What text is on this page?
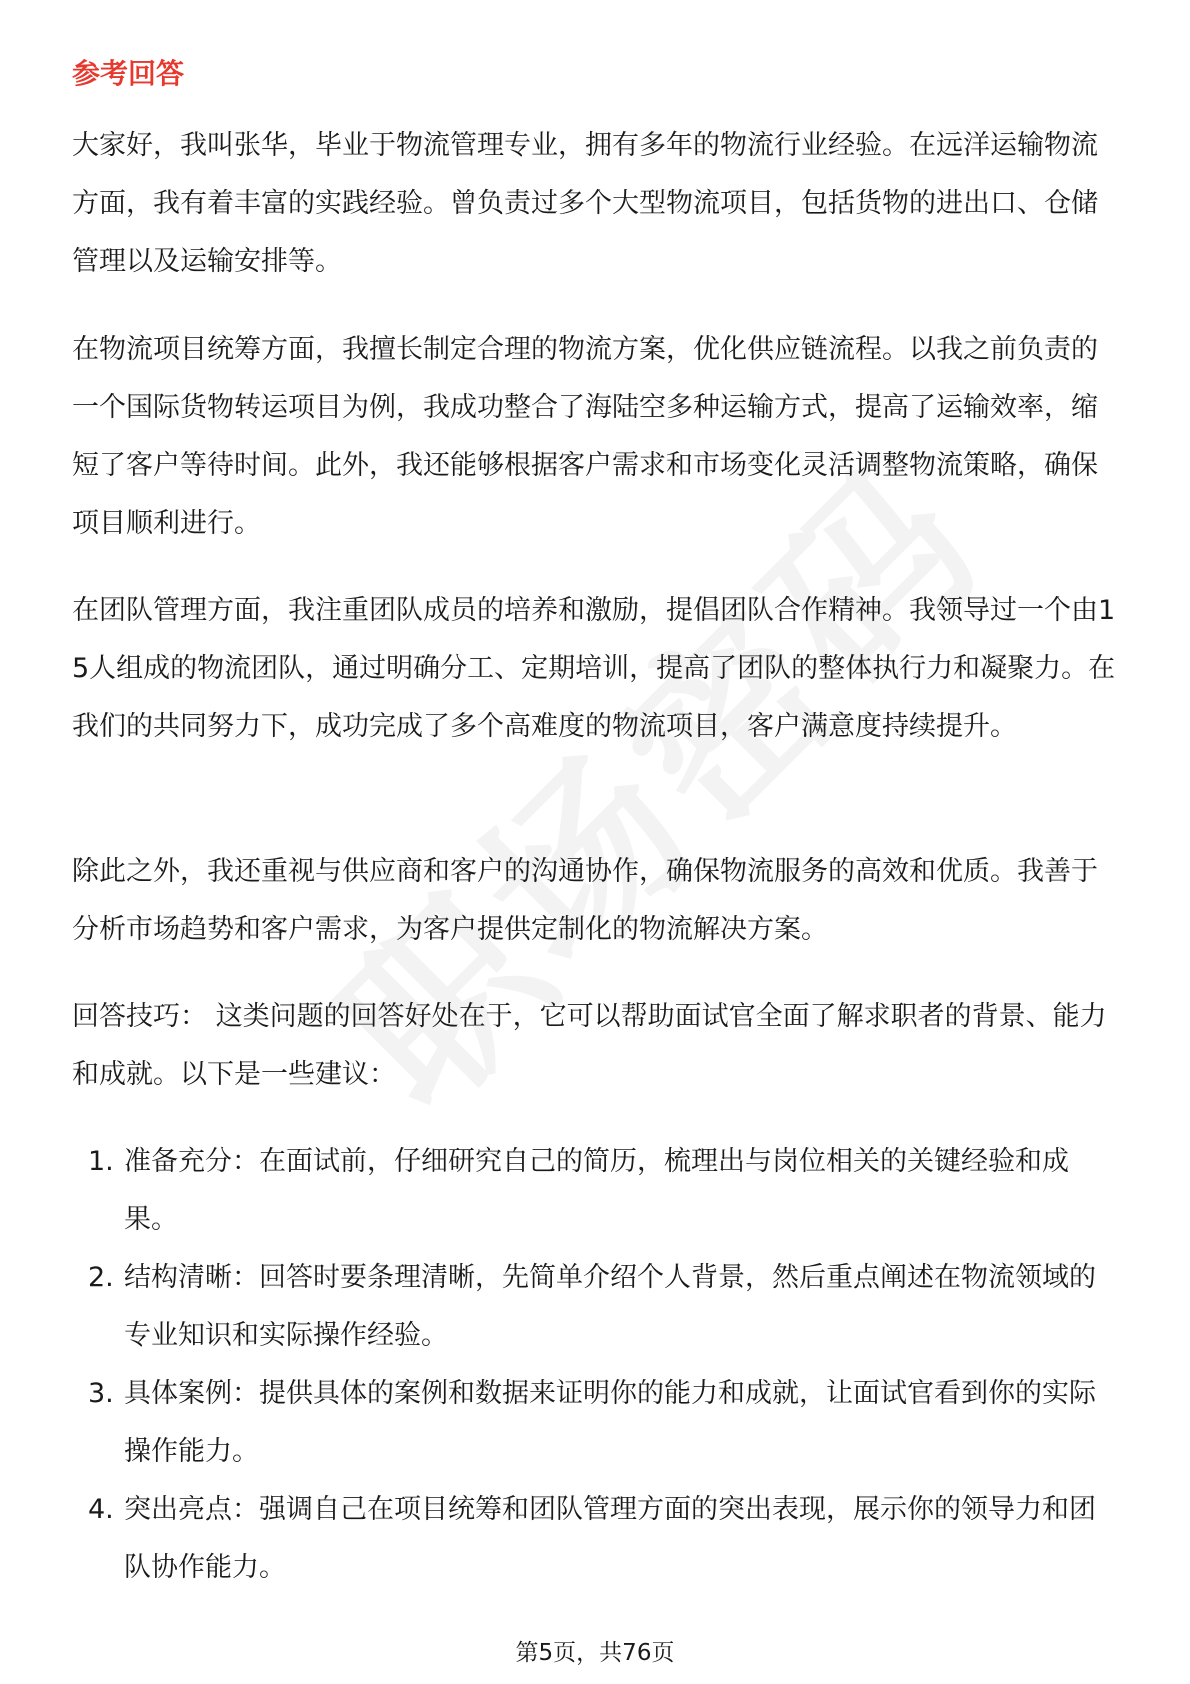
参考回答

大家好，我叫张华，毕业于物流管理专业，拥有多年的物流行业经验。在远洋运输物流方面，我有着丰富的实践经验。曾负责过多个大型物流项目，包括货物的进出口、仓储管理以及运输安排等。

在物流项目统筹方面，我擅长制定合理的物流方案，优化供应链流程。以我之前负责的一个国际货物转运项目为例，我成功整合了海陆空多种运输方式，提高了运输效率，缩短了客户等待时间。此外，我还能够根据客户需求和市场变化灵活调整物流策略，确保项目顺利进行。

在团队管理方面，我注重团队成员的培养和激励，提倡团队合作精神。我领导过一个由15人组成的物流团队，通过明确分工、定期培训，提高了团队的整体执行力和凝聚力。在我们的共同努力下，成功完成了多个高难度的物流项目，客户满意度持续提升。

除此之外，我还重视与供应商和客户的沟通协作，确保物流服务的高效和优质。我善于分析市场趋势和客户需求，为客户提供定制化的物流解决方案。

回答技巧： 这类问题的回答好处在于，它可以帮助面试官全面了解求职者的背景、能力和成就。以下是一些建议：

1. 准备充分：在面试前，仔细研究自己的简历，梳理出与岗位相关的关键经验和成果。
2. 结构清晰：回答时要条理清晰，先简单介绍个人背景，然后重点阐述在物流领域的专业知识和实际操作经验。
3. 具体案例：提供具体的案例和数据来证明你的能力和成就，让面试官看到你的实际操作能力。
4. 突出亮点：强调自己在项目统筹和团队管理方面的突出表现，展示你的领导力和团队协作能力。
第5页，共76页
